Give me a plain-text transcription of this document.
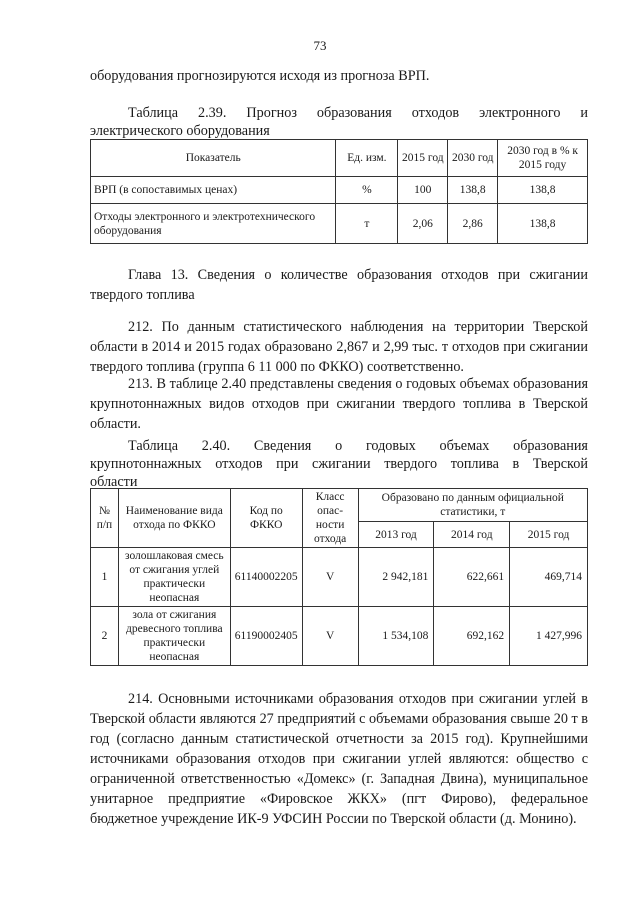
73
оборудования прогнозируются исходя из прогноза ВРП.
Таблица 2.39. Прогноз образования отходов электронного и
электрического оборудования
Показатель	Ед. изм.	2015 год	2030 год	2030 год в % к 2015 году
ВРП (в сопоставимых ценах)	%	100	138,8	138,8
Отходы электронного и электротехнического оборудования	т	2,06	2,86	138,8
Глава 13. Сведения о количестве образования отходов при сжигании твердого топлива
212. По данным статистического наблюдения на территории Тверской области в 2014 и 2015 годах образовано 2,867 и 2,99 тыс. т отходов при сжигании твердого топлива (группа 6 11 000 по ФККО) соответственно.
213. В таблице 2.40 представлены сведения о годовых объемах образования крупнотоннажных видов отходов при сжигании твердого топлива в Тверской области.
Таблица 2.40. Сведения о годовых объемах образования
крупнотоннажных отходов при сжигании твердого топлива в Тверской
области
№ п/п	Наименование вида отхода по ФККО	Код по ФККО	Класс опас-ности отхода	Образовано по данным официальной статистики, т		
				2013 год	2014 год	2015 год
1	золошлаковая смесь от сжигания углей практически неопасная	61140002205	V	2 942,181	622,661	469,714
2	зола от сжигания древесного топлива практически неопасная	61190002405	V	1 534,108	692,162	1 427,996
214. Основными источниками образования отходов при сжигании углей в Тверской области являются 27 предприятий с объемами образования свыше 20 т в год (согласно данным статистической отчетности за 2015 год). Крупнейшими источниками образования отходов при сжигании углей являются: общество с ограниченной ответственностью «Домекс» (г. Западная Двина), муниципальное унитарное предприятие «Фировское ЖКХ» (пгт Фирово), федеральное бюджетное учреждение ИК-9 УФСИН России по Тверской области (д. Монино).
